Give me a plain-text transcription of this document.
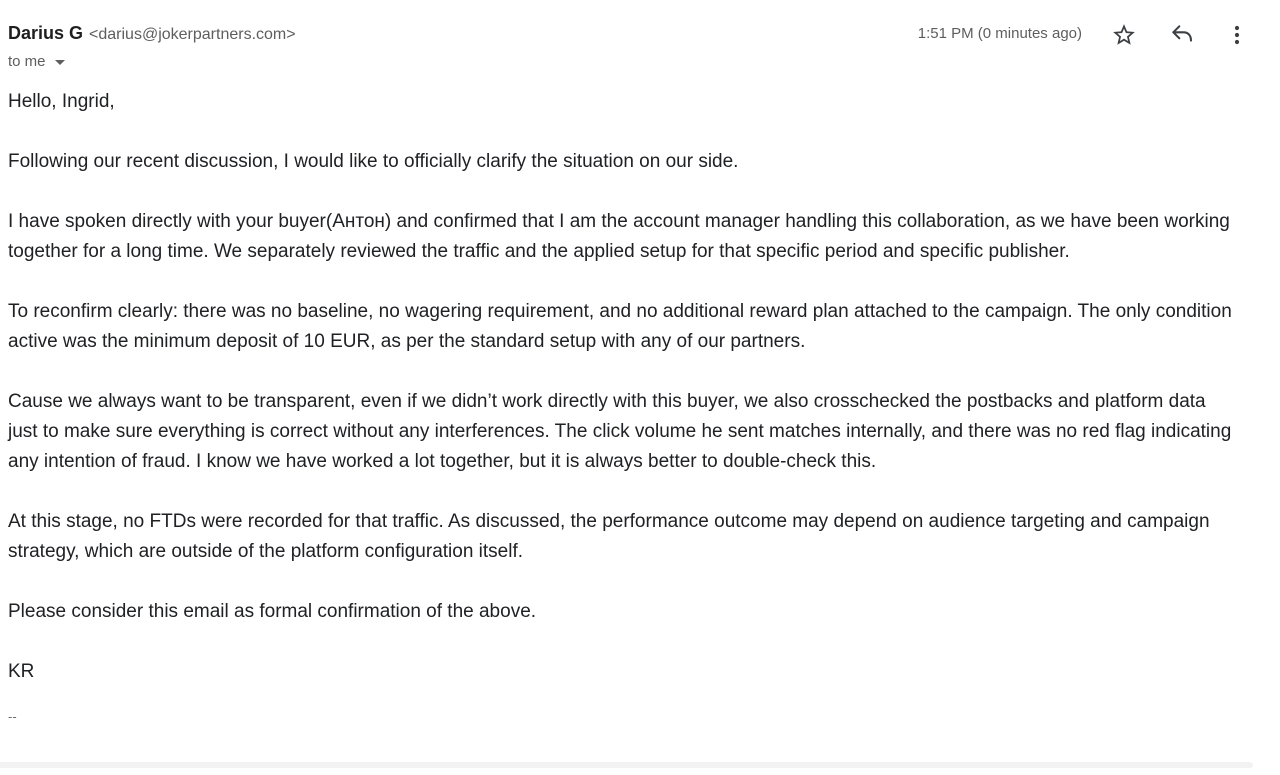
Darius G <darius@jokerpartners.com>
to me
1:51 PM (0 minutes ago)

Hello, Ingrid,

Following our recent discussion, I would like to officially clarify the situation on our side.

I have spoken directly with your buyer(Антон) and confirmed that I am the account manager handling this collaboration, as we have been working together for a long time. We separately reviewed the traffic and the applied setup for that specific period and specific publisher.

To reconfirm clearly: there was no baseline, no wagering requirement, and no additional reward plan attached to the campaign. The only condition active was the minimum deposit of 10 EUR, as per the standard setup with any of our partners.

Cause we always want to be transparent, even if we didn’t work directly with this buyer, we also crosschecked the postbacks and platform data just to make sure everything is correct without any interferences. The click volume he sent matches internally, and there was no red flag indicating any intention of fraud. I know we have worked a lot together, but it is always better to double-check this.

At this stage, no FTDs were recorded for that traffic. As discussed, the performance outcome may depend on audience targeting and campaign strategy, which are outside of the platform configuration itself.

Please consider this email as formal confirmation of the above.

KR

--
